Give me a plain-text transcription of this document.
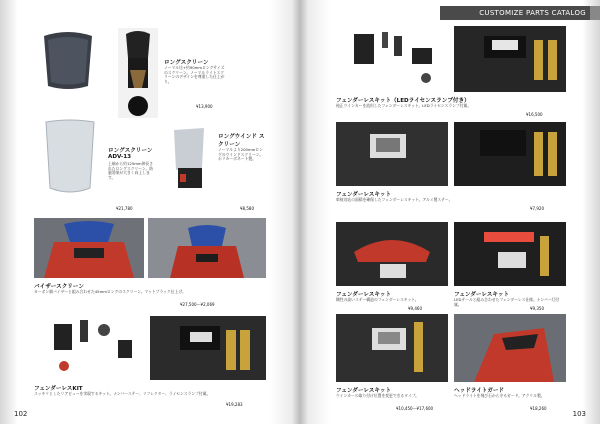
ロングスクリーン
ノーマル比+約90mmロングサイズのスクリーン。ノーマルライトスクリーンのデザインを尊重した仕上がり。
¥13,900
ロングスクリーン ADV-13
上端から約125mm伸長されたロングスクリーン。防風効果が大きく向上します。
¥21,780
ロングウインド スクリーン
ノーマルより200mmロングのウインドスクリーン。ポリカーボネート製。
¥8,580
バイザースクリーン
カーボン調バイザーと組み合わせた45mmロングのスクリーン。マットブラック仕上げ。
¥27,500～¥2,069
フェンダーレスKIT
スッキリとしたリアビューを実現するキット。ナンバーステー、リフレクター、ライセンスランプ付属。
¥19,283
102
CUSTOMIZE PARTS CATALOG
フェンダーレスキット（LEDライセンスランプ付き）
純正ウインカーを流用したフェンダーレスキット。LEDライセンスランプ付属。
¥16,500
フェンダーレスキット
車検対応の面積を確保したフェンダーレスキット。アルミ製ステー。
¥7,920
フェンダーレスキット
剛性の高いステー構造のフェンダーレスキット。
¥9,460
フェンダーレスキット
LEDテールと組み合わせたフェンダーレス仕様。ナンバー灯付属。
¥9,350
フェンダーレスキット
ウインカーの取り付け位置を変更できるタイプ。
¥10,450～¥17,600
ヘッドライトガード
ヘッドライトを飛び石から守るガード。アクリル製。
¥18,260
103
